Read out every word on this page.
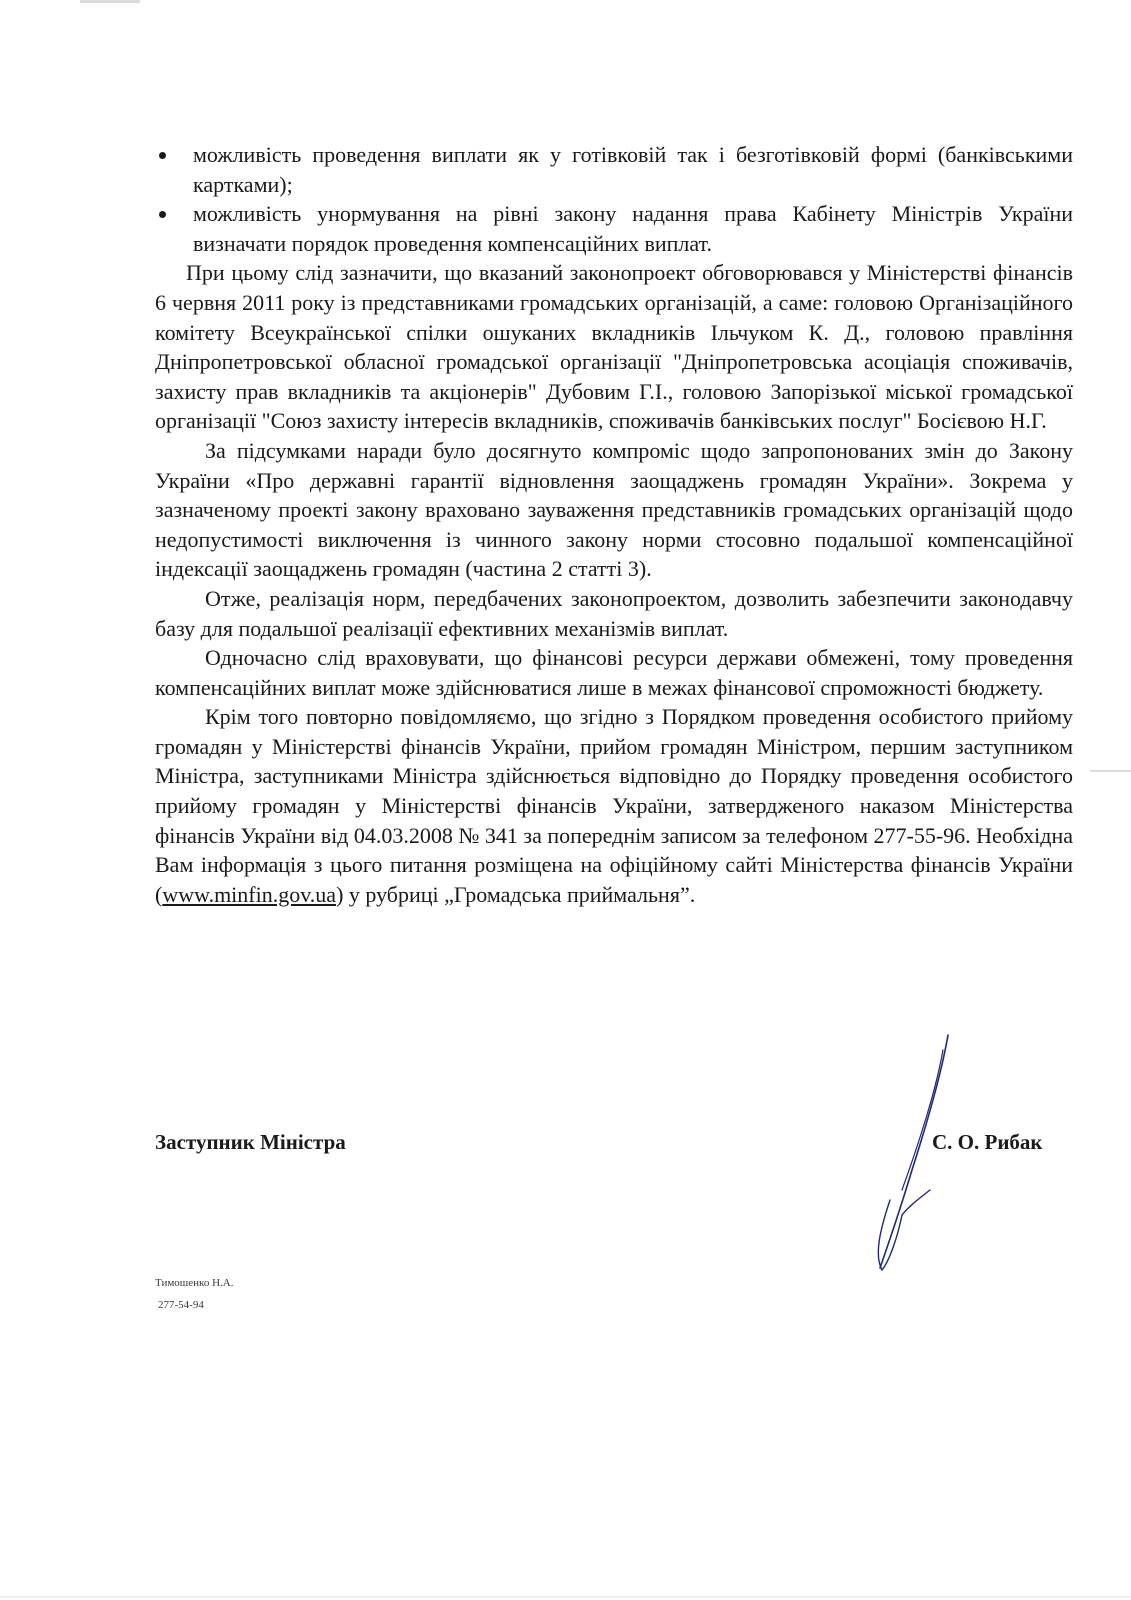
можливість проведення виплати як у готівковій так і безготівковій формі (банківськими картками);
можливість унормування на рівні закону надання права Кабінету Міністрів України визначати порядок проведення компенсаційних виплат.

При цьому слід зазначити, що вказаний законопроект обговорювався у Міністерстві фінансів 6 червня 2011 року із представниками громадських організацій, а саме: головою Організаційного комітету Всеукраїнської спілки ошуканих вкладників Ільчуком К. Д., головою правління Дніпропетровської обласної громадської організації "Дніпропетровська асоціація споживачів, захисту прав вкладників та акціонерів" Дубовим Г.І., головою Запорізької міської громадської організації "Союз захисту інтересів вкладників, споживачів банківських послуг" Босієвою Н.Г.

За підсумками наради було досягнуто компроміс щодо запропонованих змін до Закону України «Про державні гарантії відновлення заощаджень громадян України». Зокрема у зазначеному проекті закону враховано зауваження представників громадських організацій щодо недопустимості виключення із чинного закону норми стосовно подальшої компенсаційної індексації заощаджень громадян (частина 2 статті 3).

Отже, реалізація норм, передбачених законопроектом, дозволить забезпечити законодавчу базу для подальшої реалізації ефективних механізмів виплат.

Одночасно слід враховувати, що фінансові ресурси держави обмежені, тому проведення компенсаційних виплат може здійснюватися лише в межах фінансової спроможності бюджету.

Крім того повторно повідомляємо, що згідно з Порядком проведення особистого прийому громадян у Міністерстві фінансів України, прийом громадян Міністром, першим заступником Міністра, заступниками Міністра здійснюється відповідно до Порядку проведення особистого прийому громадян у Міністерстві фінансів України, затвердженого наказом Міністерства фінансів України від 04.03.2008 № 341 за попереднім записом за телефоном 277-55-96. Необхідна Вам інформація з цього питання розміщена на офіційному сайті Міністерства фінансів України (www.minfin.gov.ua) у рубриці „Громадська приймальня”.

Заступник Міністра	С. О. Рибак
Тимошенко Н.А.
277-54-94
